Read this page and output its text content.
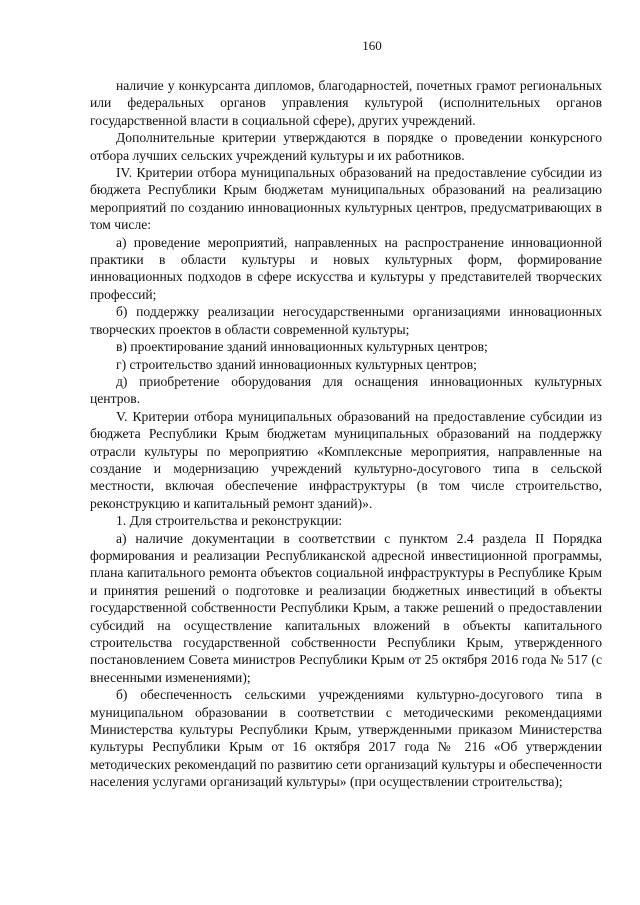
160

наличие у конкурсанта дипломов, благодарностей, почетных грамот региональных или федеральных органов управления культурой (исполнительных органов государственной власти в социальной сфере), других учреждений.

Дополнительные критерии утверждаются в порядке о проведении конкурсного отбора лучших сельских учреждений культуры и их работников.

IV. Критерии отбора муниципальных образований на предоставление субсидии из бюджета Республики Крым бюджетам муниципальных образований на реализацию мероприятий по созданию инновационных культурных центров, предусматривающих в том числе:

а) проведение мероприятий, направленных на распространение инновационной практики в области культуры и новых культурных форм, формирование инновационных подходов в сфере искусства и культуры у представителей творческих профессий;

б) поддержку реализации негосударственными организациями инновационных творческих проектов в области современной культуры;

в) проектирование зданий инновационных культурных центров;

г) строительство зданий инновационных культурных центров;

д) приобретение оборудования для оснащения инновационных культурных центров.

V. Критерии отбора муниципальных образований на предоставление субсидии из бюджета Республики Крым бюджетам муниципальных образований на поддержку отрасли культуры по мероприятию «Комплексные мероприятия, направленные на создание и модернизацию учреждений культурно-досугового типа в сельской местности, включая обеспечение инфраструктуры (в том числе строительство, реконструкцию и капитальный ремонт зданий)».

1. Для строительства и реконструкции:

а) наличие документации в соответствии с пунктом 2.4 раздела II Порядка формирования и реализации Республиканской адресной инвестиционной программы, плана капитального ремонта объектов социальной инфраструктуры в Республике Крым и принятия решений о подготовке и реализации бюджетных инвестиций в объекты государственной собственности Республики Крым, а также решений о предоставлении субсидий на осуществление капитальных вложений в объекты капитального строительства государственной собственности Республики Крым, утвержденного постановлением Совета министров Республики Крым от 25 октября 2016 года № 517 (с внесенными изменениями);

б) обеспеченность сельскими учреждениями культурно-досугового типа в муниципальном образовании в соответствии с методическими рекомендациями Министерства культуры Республики Крым, утвержденными приказом Министерства культуры Республики Крым от 16 октября 2017 года № 216 «Об утверждении методических рекомендаций по развитию сети организаций культуры и обеспеченности населения услугами организаций культуры» (при осуществлении строительства);
